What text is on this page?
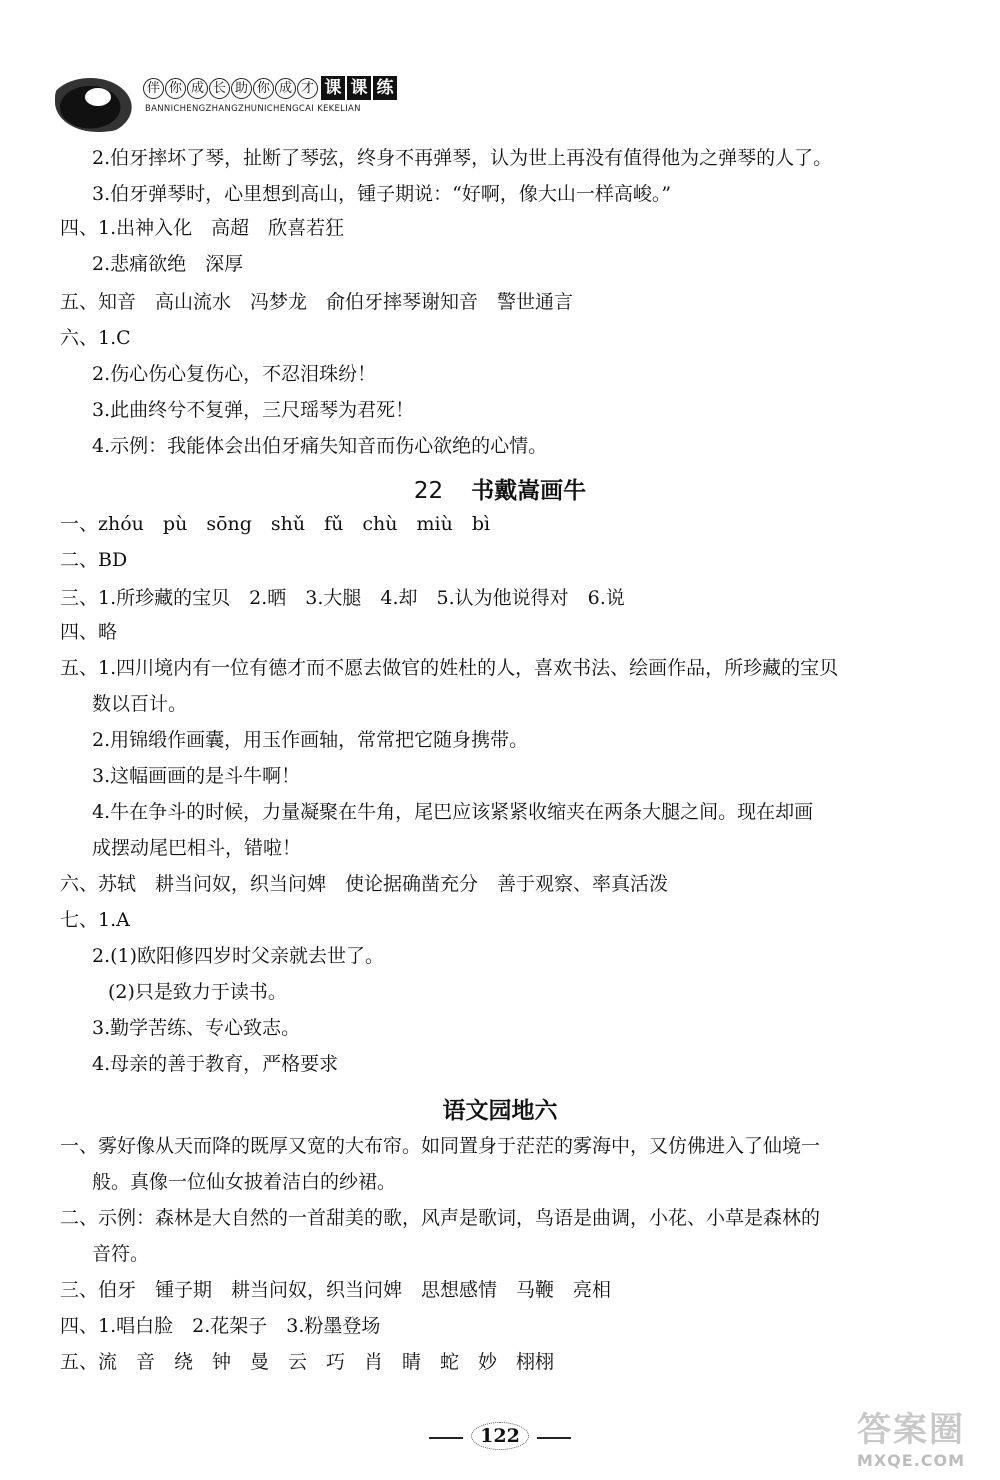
伴 你 成 长 助 你 成 才 课 课 练
BANNICHENGZHANGZHUNICHENGCAI KEKELIAN
2.伯牙摔坏了琴，扯断了琴弦，终身不再弹琴，认为世上再没有值得他为之弹琴的人了。
3.伯牙弹琴时，心里想到高山，锺子期说：“好啊，像大山一样高峻。”
四、1.出神入化　高超　欣喜若狂
2.悲痛欲绝　深厚
五、知音　高山流水　冯梦龙　俞伯牙摔琴谢知音　警世通言
六、1.C
2.伤心伤心复伤心，不忍泪珠纷！
3.此曲终兮不复弹，三尺瑶琴为君死！
4.示例：我能体会出伯牙痛失知音而伤心欲绝的心情。
22 书戴嵩画牛
一、zhóu　pù　sōng　shǔ　fǔ　chù　miù　bì
二、BD
三、1.所珍藏的宝贝　2.晒　3.大腿　4.却　5.认为他说得对　6.说
四、略
五、1.四川境内有一位有德才而不愿去做官的姓杜的人，喜欢书法、绘画作品，所珍藏的宝贝
数以百计。
2.用锦缎作画囊，用玉作画轴，常常把它随身携带。
3.这幅画画的是斗牛啊！
4.牛在争斗的时候，力量凝聚在牛角，尾巴应该紧紧收缩夹在两条大腿之间。现在却画
成摆动尾巴相斗，错啦！
六、苏轼　耕当问奴，织当问婢　使论据确凿充分　善于观察、率真活泼
七、1.A
2.(1)欧阳修四岁时父亲就去世了。
(2)只是致力于读书。
3.勤学苦练、专心致志。
4.母亲的善于教育，严格要求
语文园地六
一、雾好像从天而降的既厚又宽的大布帘。如同置身于茫茫的雾海中，又仿佛进入了仙境一
般。真像一位仙女披着洁白的纱裙。
二、示例：森林是大自然的一首甜美的歌，风声是歌词，鸟语是曲调，小花、小草是森林的
音符。
三、伯牙　锺子期　耕当问奴，织当问婢　思想感情　马鞭　亮相
四、1.唱白脸　2.花架子　3.粉墨登场
五、流　音　绕　钟　曼　云　巧　肖　睛　蛇　妙　栩栩
122	答案圈
MXQE.COM
